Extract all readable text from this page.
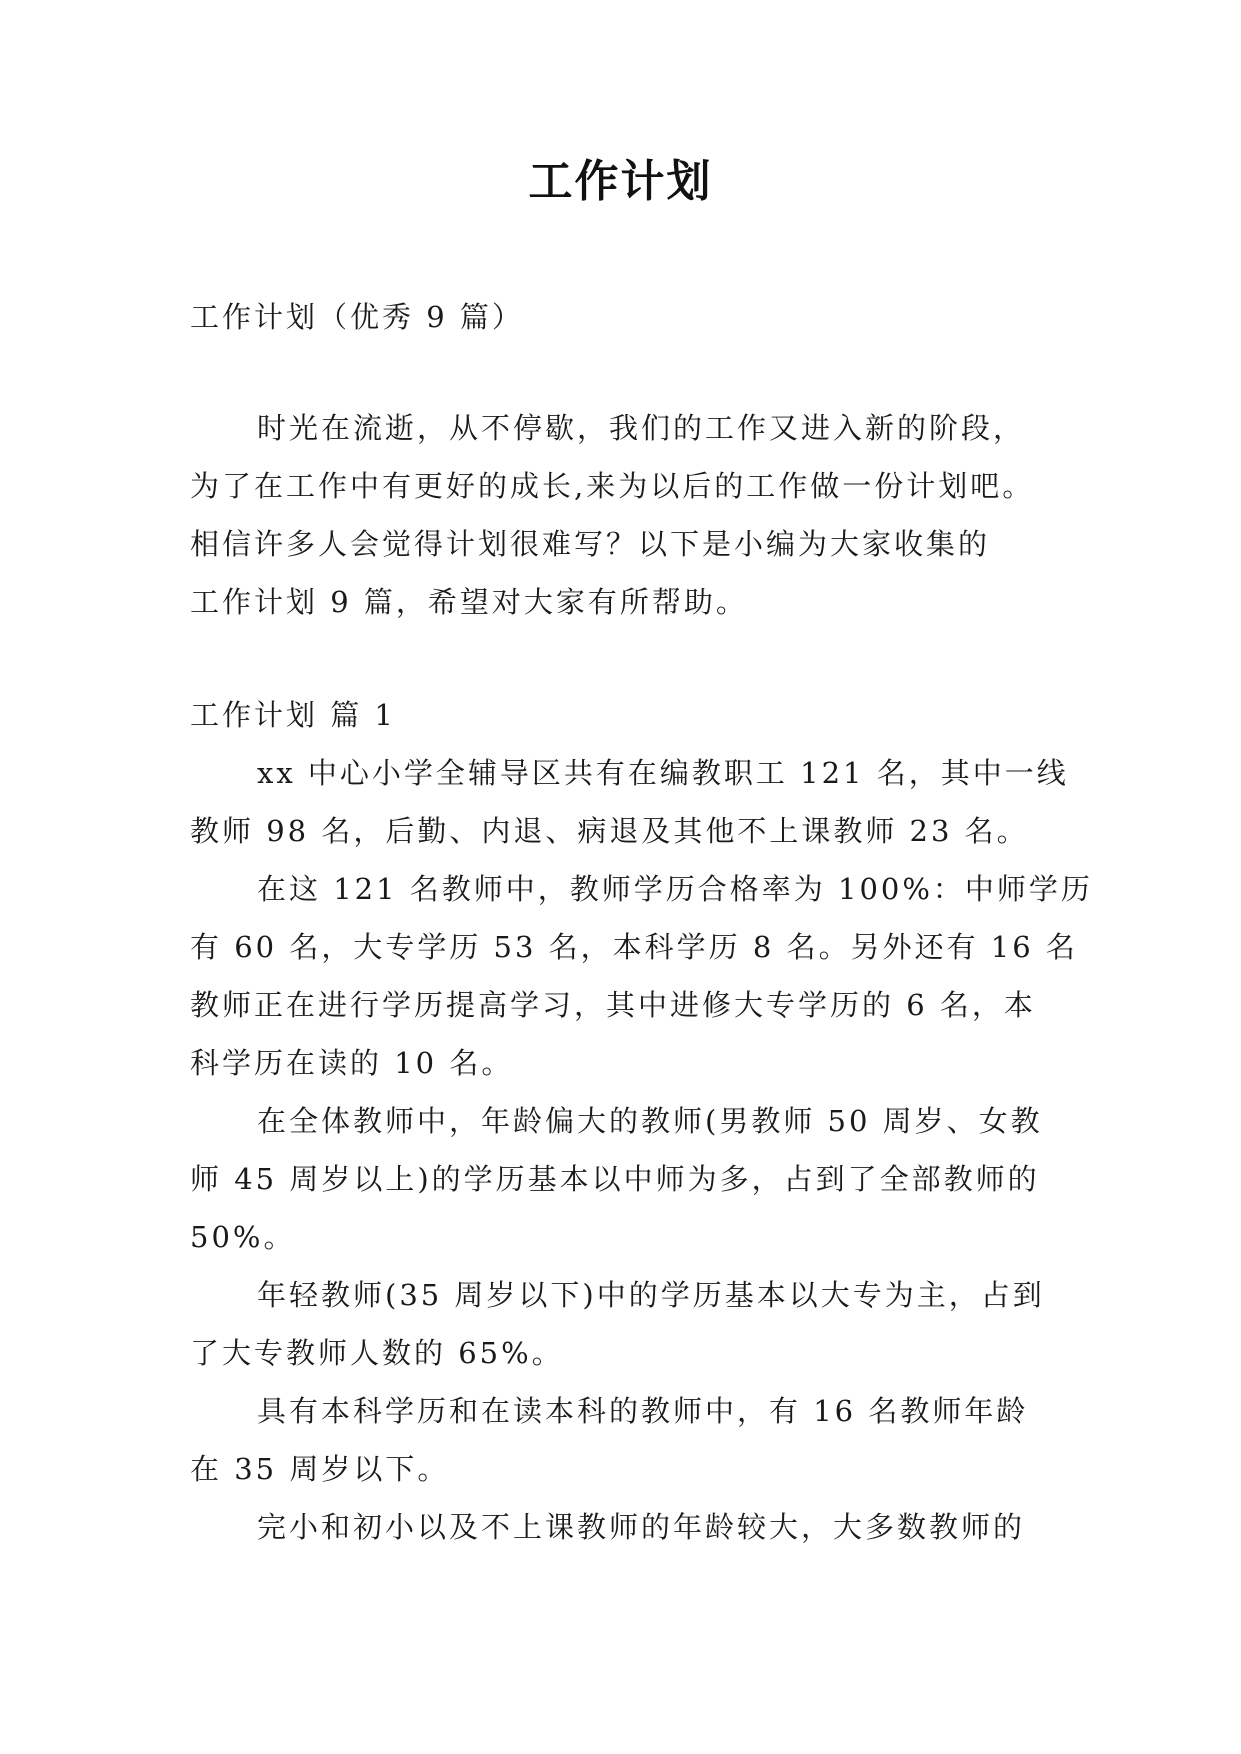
工作计划
工作计划（优秀 9 篇）
时光在流逝，从不停歇，我们的工作又进入新的阶段，
为了在工作中有更好的成长,来为以后的工作做一份计划吧。
相信许多人会觉得计划很难写？以下是小编为大家收集的
工作计划 9 篇，希望对大家有所帮助。
工作计划 篇 1
xx 中心小学全辅导区共有在编教职工 121 名，其中一线
教师 98 名，后勤、内退、病退及其他不上课教师 23 名。
在这 121 名教师中，教师学历合格率为 100%：中师学历
有 60 名，大专学历 53 名，本科学历 8 名。另外还有 16 名
教师正在进行学历提高学习，其中进修大专学历的 6 名，本
科学历在读的 10 名。
在全体教师中，年龄偏大的教师(男教师 50 周岁、女教
师 45 周岁以上)的学历基本以中师为多，占到了全部教师的
50%。
年轻教师(35 周岁以下)中的学历基本以大专为主，占到
了大专教师人数的 65%。
具有本科学历和在读本科的教师中，有 16 名教师年龄
在 35 周岁以下。
完小和初小以及不上课教师的年龄较大，大多数教师的
